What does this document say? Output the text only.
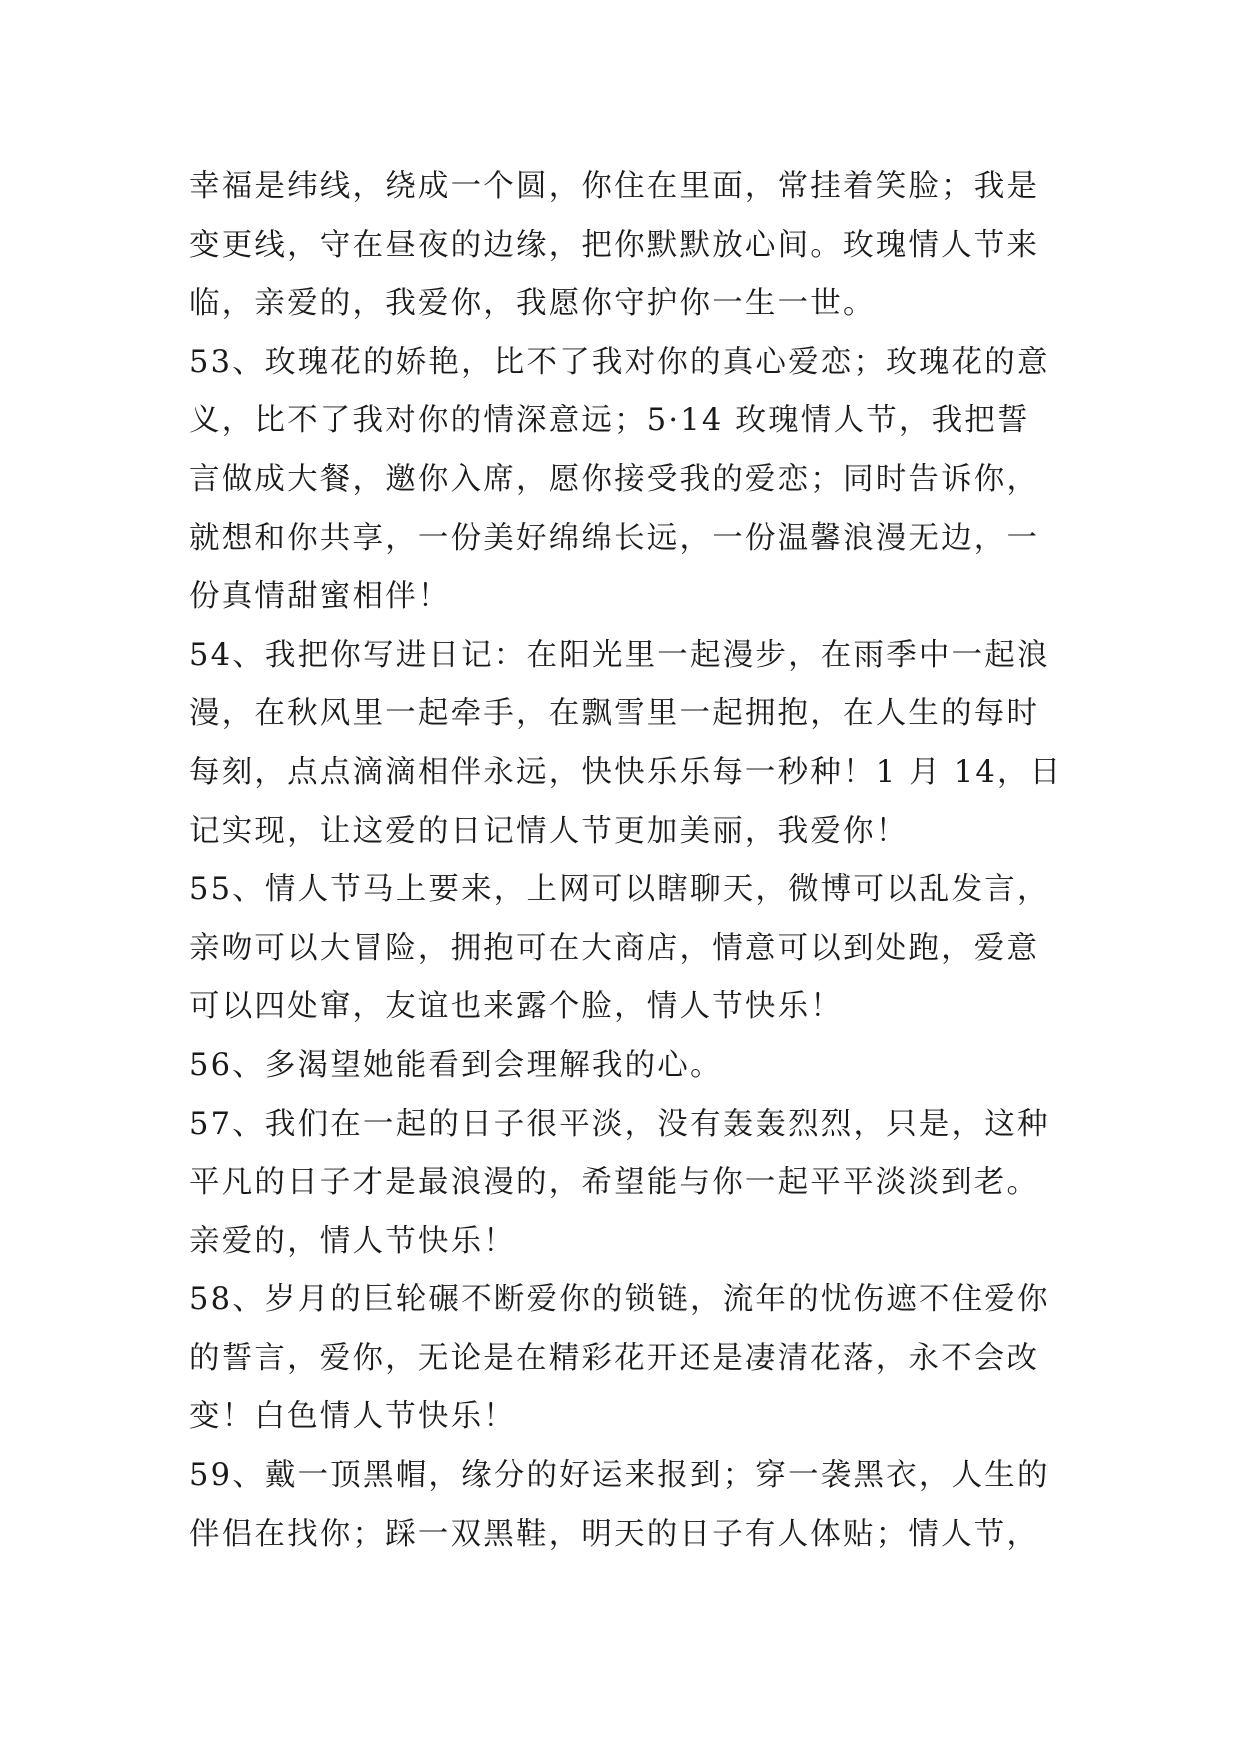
幸福是纬线，绕成一个圆，你住在里面，常挂着笑脸；我是
变更线，守在昼夜的边缘，把你默默放心间。玫瑰情人节来
临，亲爱的，我爱你，我愿你守护你一生一世。
53、玫瑰花的娇艳，比不了我对你的真心爱恋；玫瑰花的意
义，比不了我对你的情深意远；5·14 玫瑰情人节，我把誓
言做成大餐，邀你入席，愿你接受我的爱恋；同时告诉你，
就想和你共享，一份美好绵绵长远，一份温馨浪漫无边，一
份真情甜蜜相伴！
54、我把你写进日记：在阳光里一起漫步，在雨季中一起浪
漫，在秋风里一起牵手，在飘雪里一起拥抱，在人生的每时
每刻，点点滴滴相伴永远，快快乐乐每一秒种！1 月 14，日
记实现，让这爱的日记情人节更加美丽，我爱你！
55、情人节马上要来，上网可以瞎聊天，微博可以乱发言，
亲吻可以大冒险，拥抱可在大商店，情意可以到处跑，爱意
可以四处窜，友谊也来露个脸，情人节快乐！
56、多渴望她能看到会理解我的心。
57、我们在一起的日子很平淡，没有轰轰烈烈，只是，这种
平凡的日子才是最浪漫的，希望能与你一起平平淡淡到老。
亲爱的，情人节快乐！
58、岁月的巨轮碾不断爱你的锁链，流年的忧伤遮不住爱你
的誓言，爱你，无论是在精彩花开还是凄清花落，永不会改
变！白色情人节快乐！
59、戴一顶黑帽，缘分的好运来报到；穿一袭黑衣，人生的
伴侣在找你；踩一双黑鞋，明天的日子有人体贴；情人节，
